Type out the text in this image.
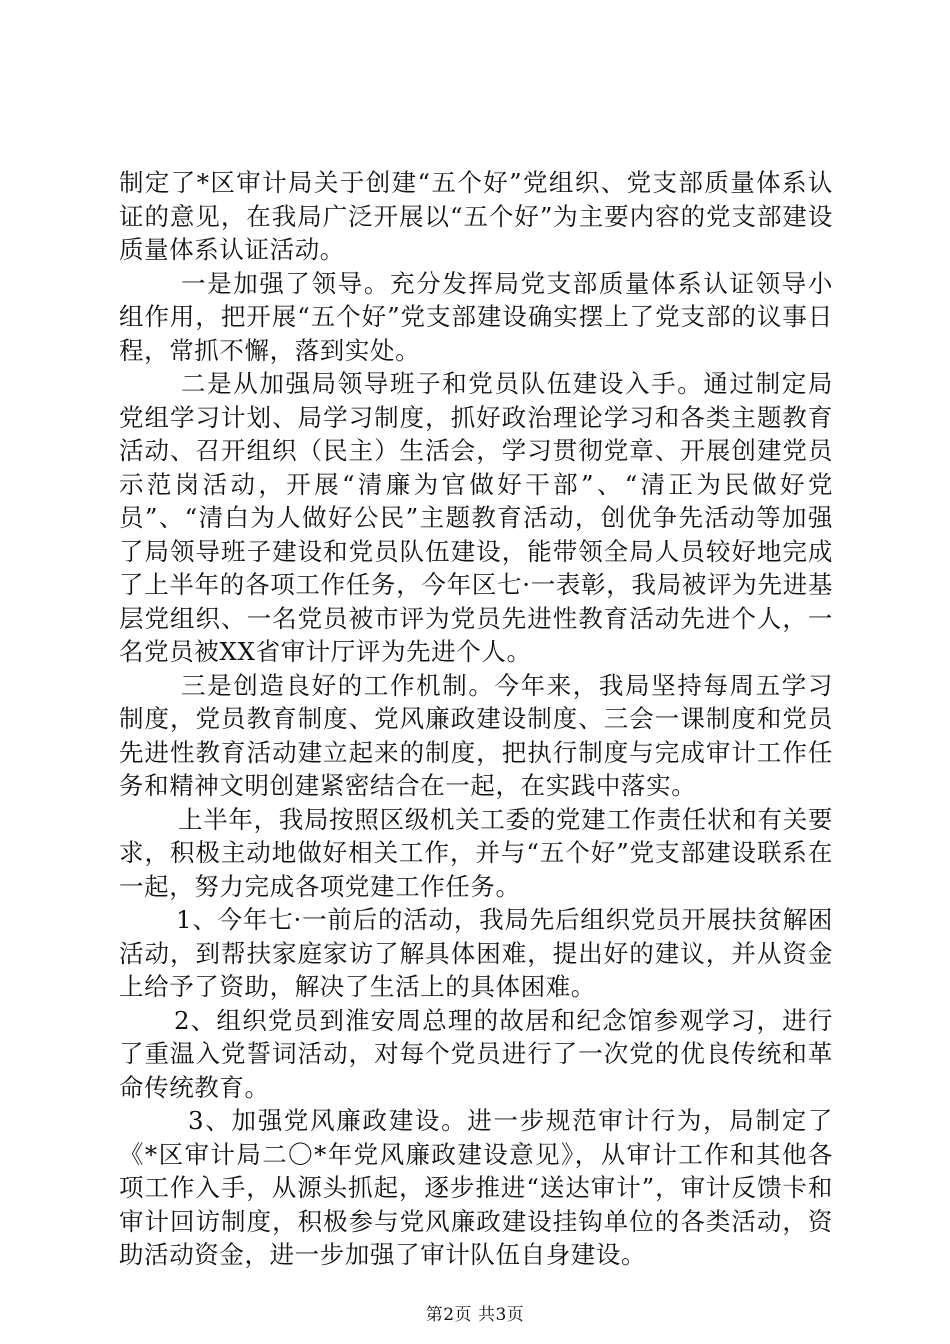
制定了*区审计局关于创建“五个好”党组织、党支部质量体系认证的意见，在我局广泛开展以“五个好”为主要内容的党支部建设质量体系认证活动。

一是加强了领导。充分发挥局党支部质量体系认证领导小组作用，把开展“五个好”党支部建设确实摆上了党支部的议事日程，常抓不懈，落到实处。

二是从加强局领导班子和党员队伍建设入手。通过制定局党组学习计划、局学习制度，抓好政治理论学习和各类主题教育活动、召开组织（民主）生活会，学习贯彻党章、开展创建党员示范岗活动，开展“清廉为官做好干部”、“清正为民做好党员”、“清白为人做好公民”主题教育活动，创优争先活动等加强了局领导班子建设和党员队伍建设，能带领全局人员较好地完成了上半年的各项工作任务，今年区七·一表彰，我局被评为先进基层党组织、一名党员被市评为党员先进性教育活动先进个人，一名党员被XX省审计厅评为先进个人。

三是创造良好的工作机制。今年来，我局坚持每周五学习制度，党员教育制度、党风廉政建设制度、三会一课制度和党员先进性教育活动建立起来的制度，把执行制度与完成审计工作任务和精神文明创建紧密结合在一起，在实践中落实。

上半年，我局按照区级机关工委的党建工作责任状和有关要求，积极主动地做好相关工作，并与“五个好”党支部建设联系在一起，努力完成各项党建工作任务。

1、今年七·一前后的活动，我局先后组织党员开展扶贫解困活动，到帮扶家庭家访了解具体困难，提出好的建议，并从资金上给予了资助，解决了生活上的具体困难。

2、组织党员到淮安周总理的故居和纪念馆参观学习，进行了重温入党誓词活动，对每个党员进行了一次党的优良传统和革命传统教育。

3、加强党风廉政建设。进一步规范审计行为，局制定了《*区审计局二〇*年党风廉政建设意见》，从审计工作和其他各项工作入手，从源头抓起，逐步推进“送达审计”，审计反馈卡和审计回访制度，积极参与党风廉政建设挂钩单位的各类活动，资助活动资金，进一步加强了审计队伍自身建设。

第2页 共3页
